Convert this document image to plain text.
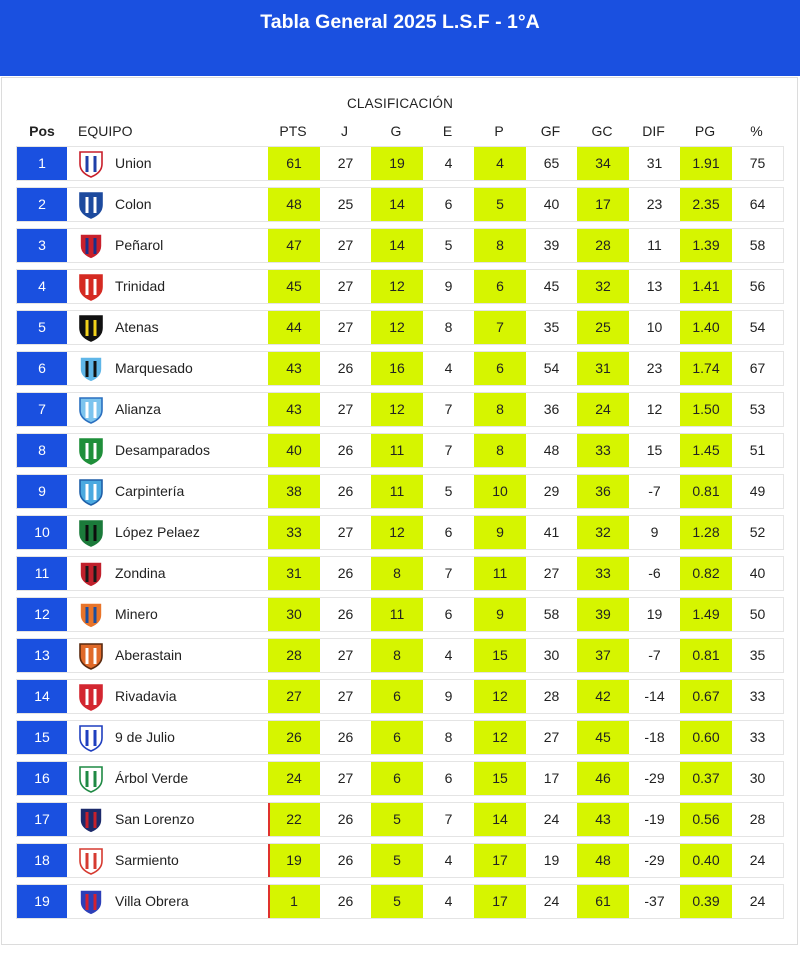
Tabla General 2025 L.S.F - 1°A
CLASIFICACIÓN
Pos	EQUIPO	PTS	J	G	E	P	GF	GC	DIF	PG	%
1	Union	61	27	19	4	4	65	34	31	1.91	75
2	Colon	48	25	14	6	5	40	17	23	2.35	64
3	Peñarol	47	27	14	5	8	39	28	11	1.39	58
4	Trinidad	45	27	12	9	6	45	32	13	1.41	56
5	Atenas	44	27	12	8	7	35	25	10	1.40	54
6	Marquesado	43	26	16	4	6	54	31	23	1.74	67
7	Alianza	43	27	12	7	8	36	24	12	1.50	53
8	Desamparados	40	26	11	7	8	48	33	15	1.45	51
9	Carpintería	38	26	11	5	10	29	36	-7	0.81	49
10	López Pelaez	33	27	12	6	9	41	32	9	1.28	52
11	Zondina	31	26	8	7	11	27	33	-6	0.82	40
12	Minero	30	26	11	6	9	58	39	19	1.49	50
13	Aberastain	28	27	8	4	15	30	37	-7	0.81	35
14	Rivadavia	27	27	6	9	12	28	42	-14	0.67	33
15	9 de Julio	26	26	6	8	12	27	45	-18	0.60	33
16	Árbol Verde	24	27	6	6	15	17	46	-29	0.37	30
17	San Lorenzo	22	26	5	7	14	24	43	-19	0.56	28
18	Sarmiento	19	26	5	4	17	19	48	-29	0.40	24
19	Villa Obrera	1	26	5	4	17	24	61	-37	0.39	24
